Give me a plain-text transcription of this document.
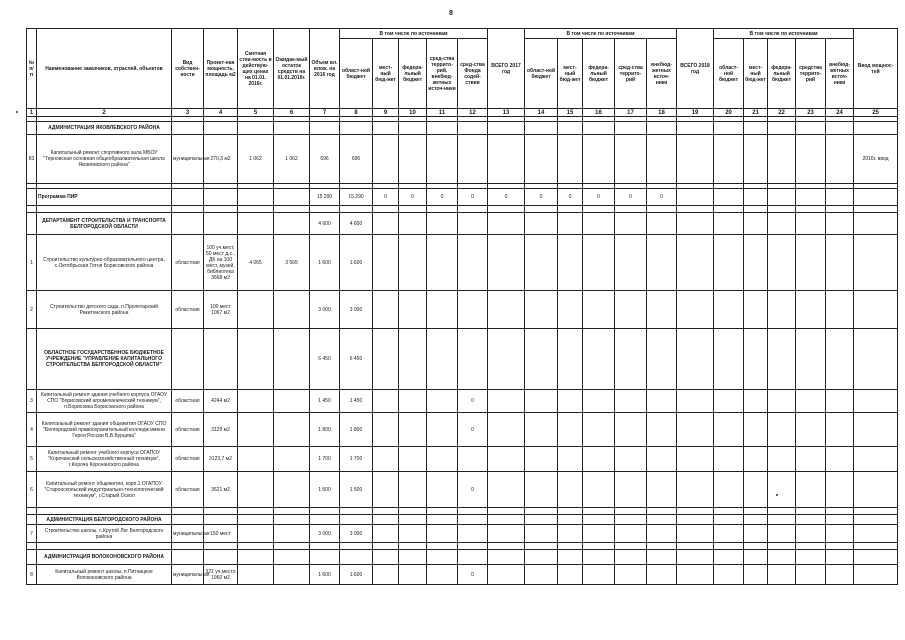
8
№ п/п	Наименование заказчиков, отраслей, объектов	Вид собствен-ности	Проект-ная мощность, площадь м2	Сметная стои-мость в действую-щих ценах на 01.01. 2016г.	Ожидае-мый остаток средств на 01.01.2016г.	Объем вл. влож. на 2016 год	В том числе по источникам					ВСЕГО 2017 год	В том числе по источникам					ВСЕГО 2018 год	В том числе по источникам					Ввод мощнос-тей
							област-ной бюджет	мест-ный бюд-жет	федера-льный бюджет	сред-ства террито-рий, внебюд-жетных источ-ники	сред-ства Фонда содей-ствия		област-ной бюджет	мест-ный бюд-жет	федера-льный бюджет	сред-ства террито-рий	внебюд-жетных источ-ники		област-ной бюджет	мест-ный бюд-жет	федера-льный бюджет	средства террито-рий	внебюд-жетных источ-ники	
1	2	3	4	5	6	7	8	9	10	11	12	13	14	15	16	17	18	19	20	21	22	23	24	25

	АДМИНИСТРАЦИЯ ЯКОВЛЕВСКОГО РАЙОНА																							
83	Капитальный ремонт спортивного зала МБОУ "Терновская основная общеобразовательная школа Яковлевского района"	муниципальная	270,3 м2	1 062	1 062	696	696																	2016г. ввод

	Программа ПИР					15 290	15 290	0	0	0	0	0	0	0	0	0	0							

	ДЕПАРТАМЕНТ СТРОИТЕЛЬСТВА И ТРАНСПОРТА БЕЛГОРОДСКОЙ ОБЛАСТИ					4 600	4 600																	
1	Строительство культурно-образовательного центра, с.Октябрьская Готня Борисовского района	областная	100 уч.мест, 50 мест д.с., ДК на 100 мест, музей, библиотека 3668 м2	4 065	3 565	1 600	1 600																	
2	Строительство детского сада, п.Пролетарский Ракитянского района	областная	100 мест 1067 м2			3 000	3 000																	
	ОБЛАСТНОЕ ГОСУДАРСТВЕННОЕ БЮДЖЕТНОЕ УЧРЕЖДЕНИЕ "УПРАВЛЕНИЕ КАПИТАЛЬНОГО СТРОИТЕЛЬСТВА БЕЛГОРОДСКОЙ ОБЛАСТИ"					6 450	6 450																	
3	Капитальный ремонт здания учебного корпуса ОГАОУ СПО "Борисовский агромеханический техникум", п.Борисовка Борисовского района	областная	4244 м2			1 450	1 450				0													
4	Капитальный ремонт здания общежития ОГАОУ СПО "Белгородский правоохранительный колледж имени Героя России В.В.Бурцева"	областная	3129 м2			1 800	1 800				0													
5	Капитальный ремонт учебного корпуса ОГАПОУ "Корочанский сельскохозяйственный техникум", г.Короча Корочанского района	областная	3123,7 м2			1 700	1 700																	
6	Капитальный ремонт общежития, корп.1 ОГАПОУ "Старооскольский индустриально-технологический техникум", г.Старый Оскол	областная	3621 м2			1 500	1 500				0													

	АДМИНИСТРАЦИЯ БЕЛГОРОДСКОГО РАЙОНА																							
7	Строительство школы, с.Крутой Лог Белгородского района	муниципальная	150 мест			3 000	3 000																	

	АДМИНИСТРАЦИЯ ВОЛОКОНОВСКОГО РАЙОНА																							
8	Капитальный ремонт школы, п.Пятницкое Волоконовского района	муниципальная	321 уч.место 1960 м2			1 600	1 600				0													
